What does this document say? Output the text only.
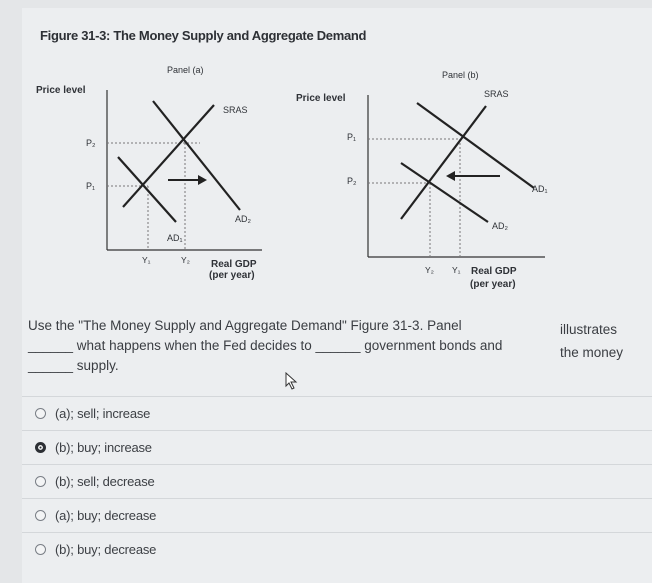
Figure 31-3: The Money Supply and Aggregate Demand
Panel (a)
Price level
SRAS
AD₂
AD₁
P₂
P₁
Y₁	Y₂ Real GDP
(per year)
Panel (b)
Price level	SRAS
AD₁
AD₂
P₁
P₂
Y₂ Y₁ Real GDP
(per year)
Use the "The Money Supply and Aggregate Demand" Figure 31-3. Panel ______ what happens when the Fed decides to ______ government bonds and ______ supply.
illustrates
the money
(a); sell; increase
(b); buy; increase
(b); sell; decrease
(a); buy; decrease
(b); buy; decrease
